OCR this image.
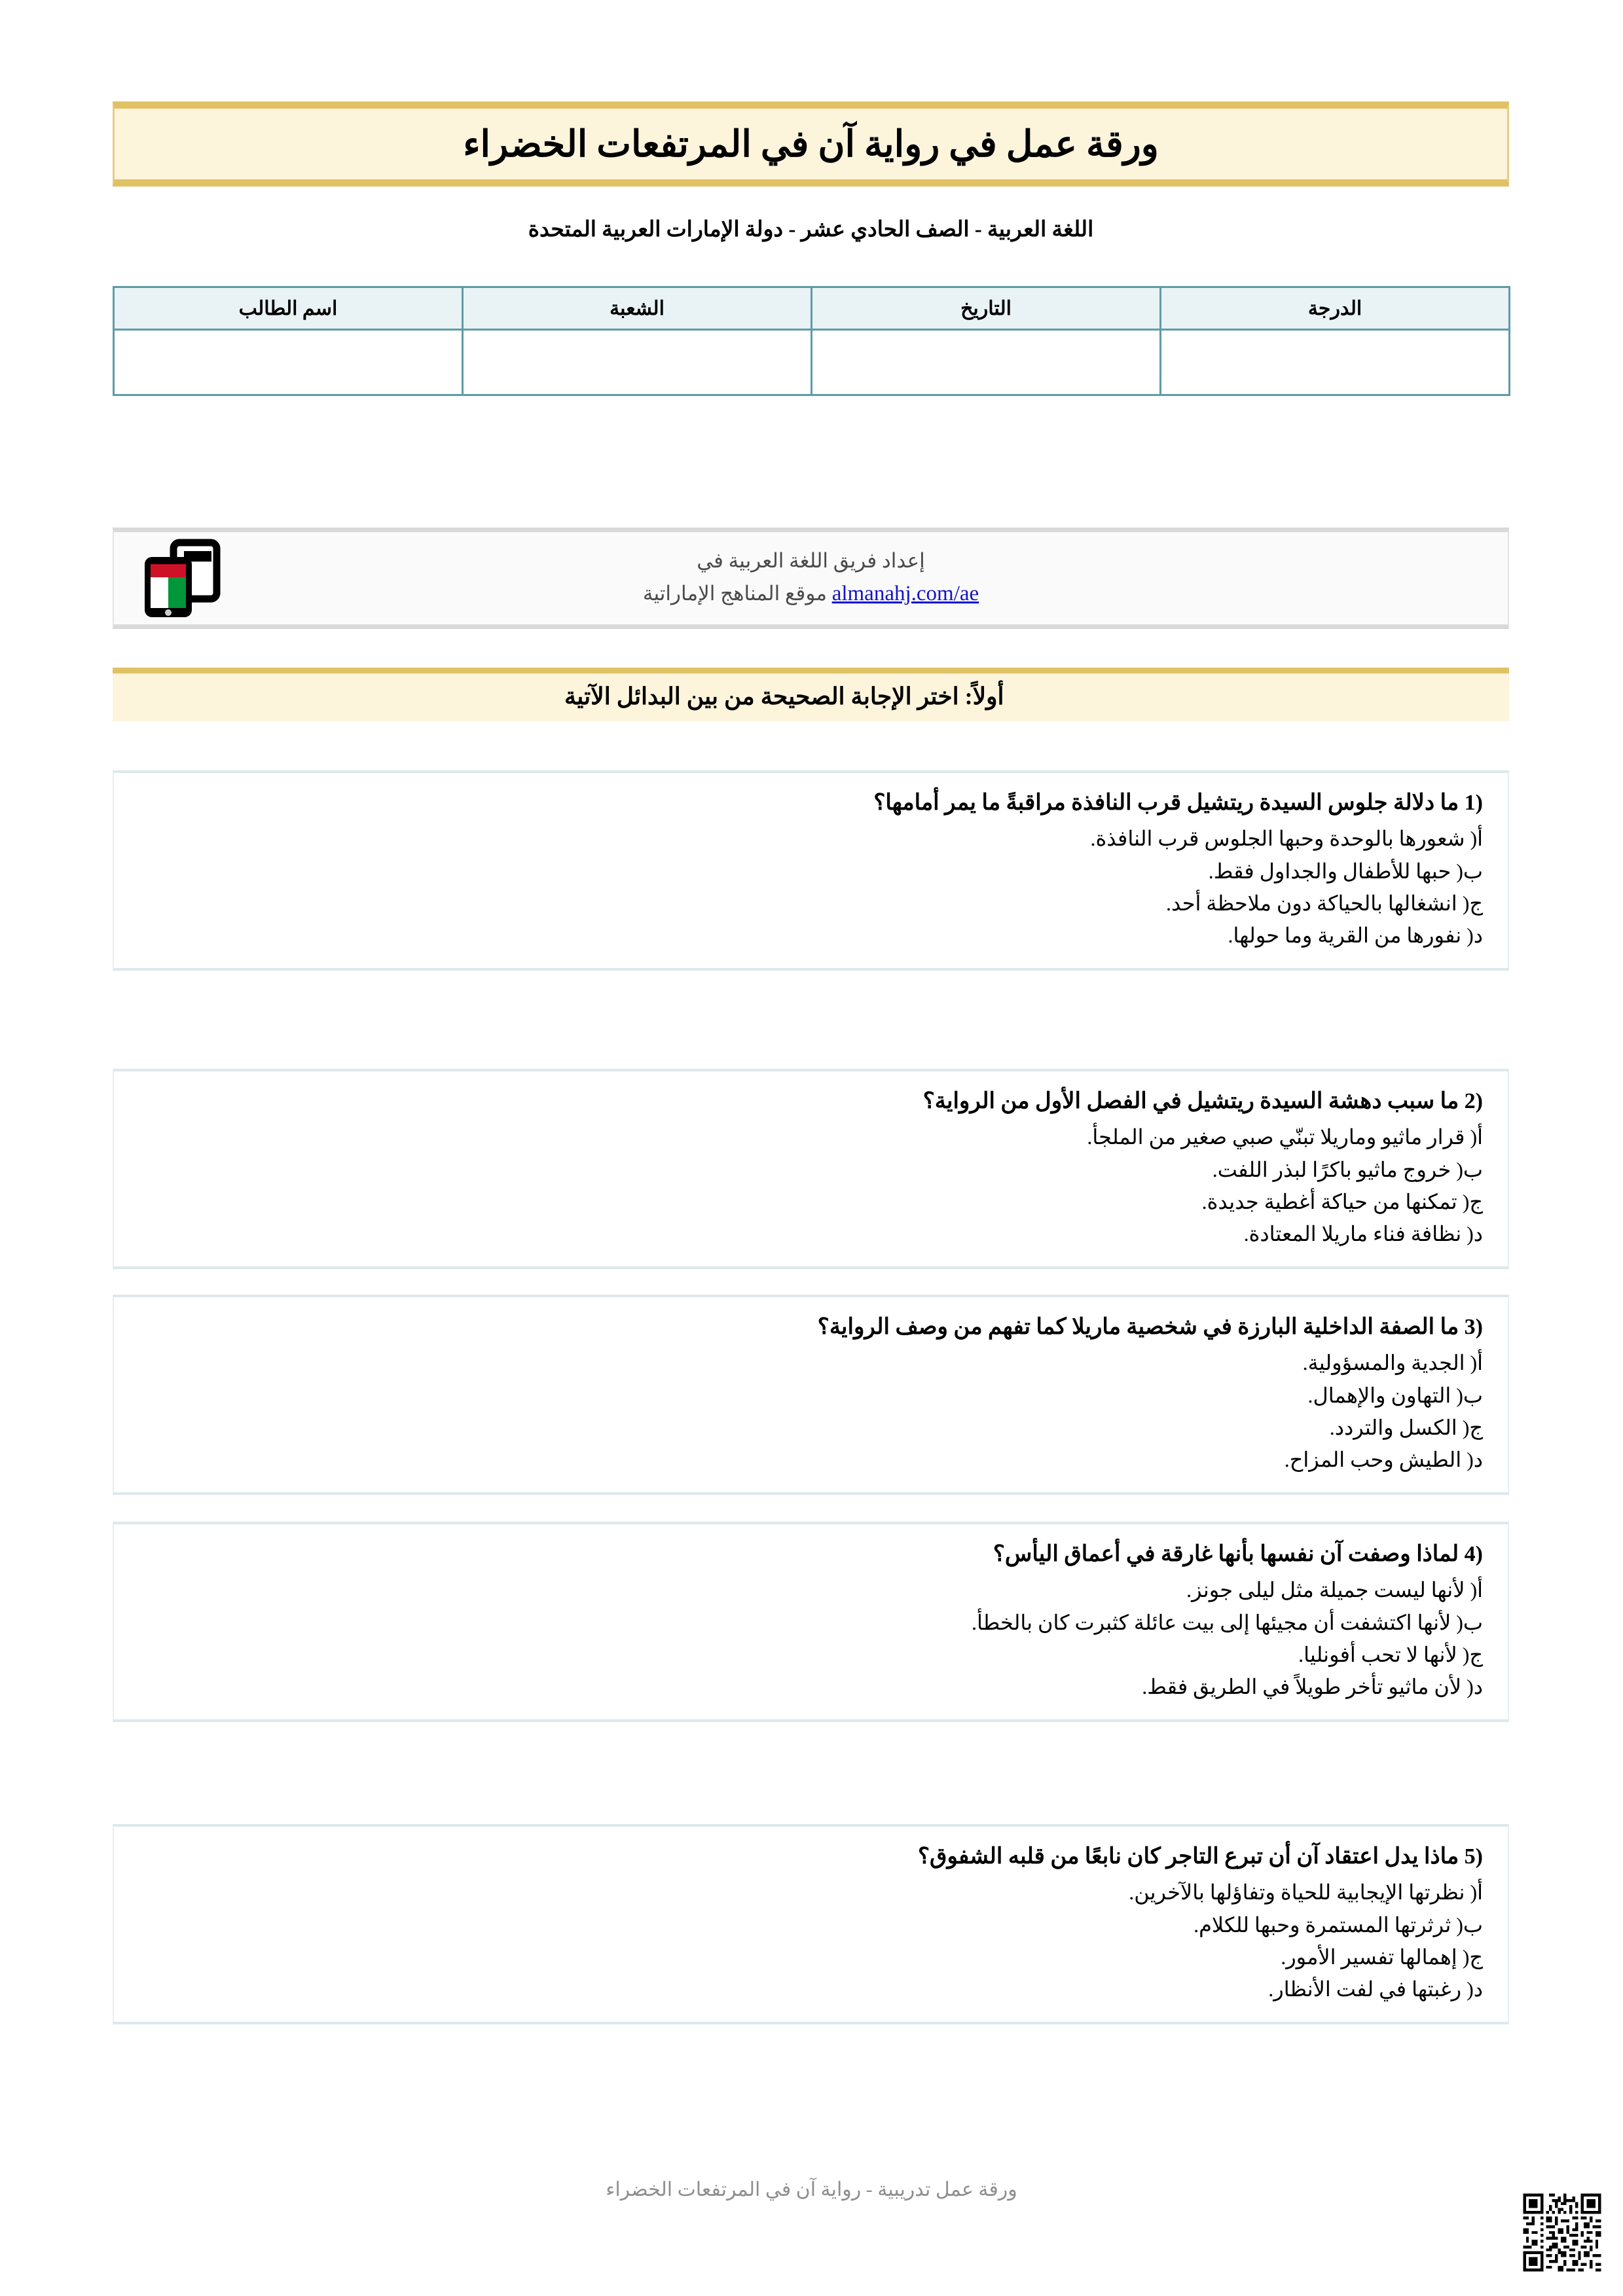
ورقة عمل في رواية آن في المرتفعات الخضراء
اللغة العربية - الصف الحادي عشر - دولة الإمارات العربية المتحدة
الدرجة	التاريخ	الشعبة	اسم الطالب

إعداد فريق اللغة العربية في
almanahj.com/ae موقع المناهج الإماراتية
أولاً: اختر الإجابة الصحيحة من بين البدائل الآتية

(1 ما دلالة جلوس السيدة ريتشيل قرب النافذة مراقبةً ما يمر أمامها؟

أ( شعورها بالوحدة وحبها الجلوس قرب النافذة.

ب( حبها للأطفال والجداول فقط.

ج( انشغالها بالحياكة دون ملاحظة أحد.

د( نفورها من القرية وما حولها.

(2 ما سبب دهشة السيدة ريتشيل في الفصل الأول من الرواية؟

أ( قرار ماثيو وماريلا تبنّي صبي صغير من الملجأ.

ب( خروج ماثيو باكرًا لبذر اللفت.

ج( تمكنها من حياكة أغطية جديدة.

د( نظافة فناء ماريلا المعتادة.

(3 ما الصفة الداخلية البارزة في شخصية ماريلا كما تفهم من وصف الرواية؟

أ( الجدية والمسؤولية.

ب( التهاون والإهمال.

ج( الكسل والتردد.

د( الطيش وحب المزاح.

(4 لماذا وصفت آن نفسها بأنها غارقة في أعماق اليأس؟

أ( لأنها ليست جميلة مثل ليلى جونز.

ب( لأنها اكتشفت أن مجيئها إلى بيت عائلة كثبرت كان بالخطأ.

ج( لأنها لا تحب أفونليا.

د( لأن ماثيو تأخر طويلاً في الطريق فقط.

(5 ماذا يدل اعتقاد آن أن تبرع التاجر كان نابعًا من قلبه الشفوق؟

أ( نظرتها الإيجابية للحياة وتفاؤلها بالآخرين.

ب( ثرثرتها المستمرة وحبها للكلام.

ج( إهمالها تفسير الأمور.

د( رغبتها في لفت الأنظار.

ورقة عمل تدريبية - رواية آن في المرتفعات الخضراء
